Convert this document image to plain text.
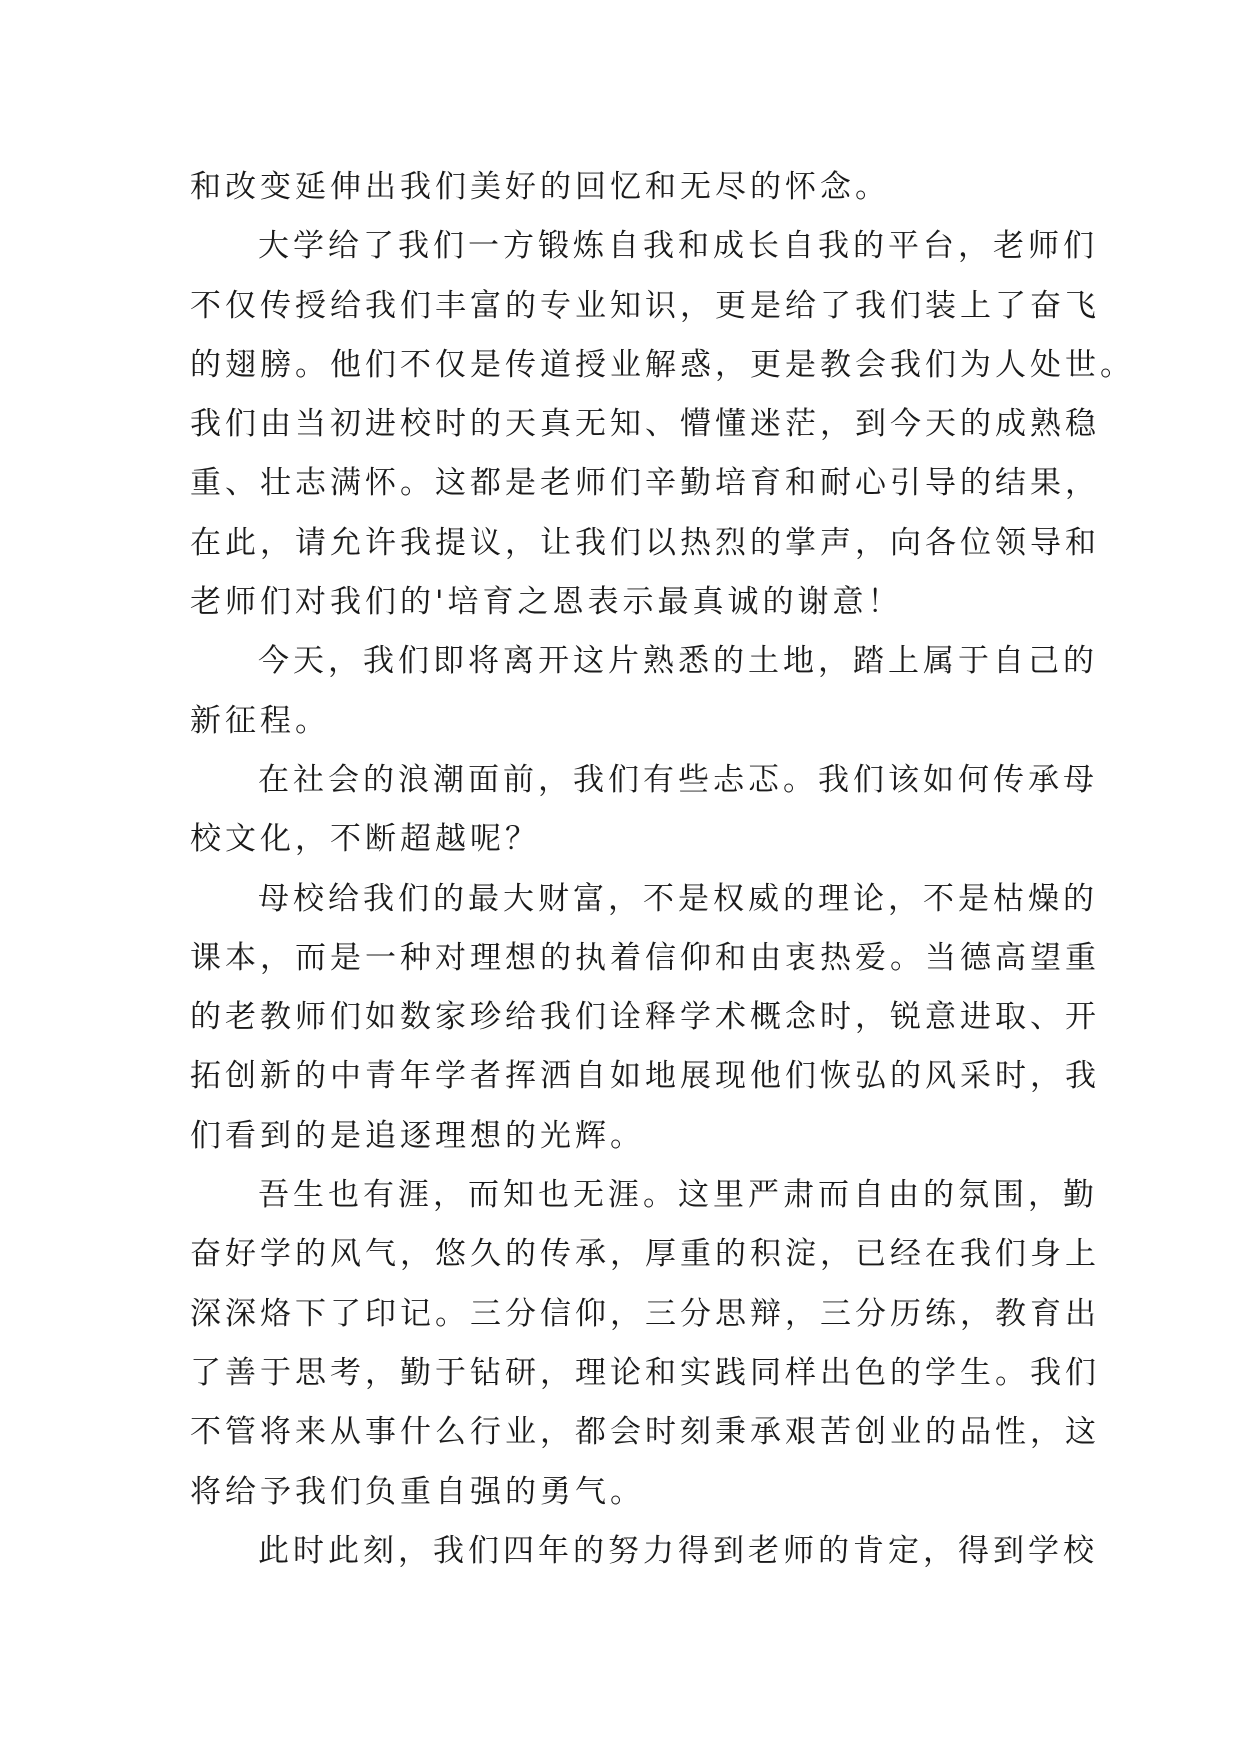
和改变延伸出我们美好的回忆和无尽的怀念。
大学给了我们一方锻炼自我和成长自我的平台，老师们
不仅传授给我们丰富的专业知识，更是给了我们装上了奋飞
的翅膀。他们不仅是传道授业解惑，更是教会我们为人处世。
我们由当初进校时的天真无知、懵懂迷茫，到今天的成熟稳
重、壮志满怀。这都是老师们辛勤培育和耐心引导的结果，
在此，请允许我提议，让我们以热烈的掌声，向各位领导和
老师们对我们的'培育之恩表示最真诚的谢意！
今天，我们即将离开这片熟悉的土地，踏上属于自己的
新征程。
在社会的浪潮面前，我们有些忐忑。我们该如何传承母
校文化，不断超越呢？
母校给我们的最大财富，不是权威的理论，不是枯燥的
课本，而是一种对理想的执着信仰和由衷热爱。当德高望重
的老教师们如数家珍给我们诠释学术概念时，锐意进取、开
拓创新的中青年学者挥洒自如地展现他们恢弘的风采时，我
们看到的是追逐理想的光辉。
吾生也有涯，而知也无涯。这里严肃而自由的氛围，勤
奋好学的风气，悠久的传承，厚重的积淀，已经在我们身上
深深烙下了印记。三分信仰，三分思辩，三分历练，教育出
了善于思考，勤于钻研，理论和实践同样出色的学生。我们
不管将来从事什么行业，都会时刻秉承艰苦创业的品性，这
将给予我们负重自强的勇气。
此时此刻，我们四年的努力得到老师的肯定，得到学校
